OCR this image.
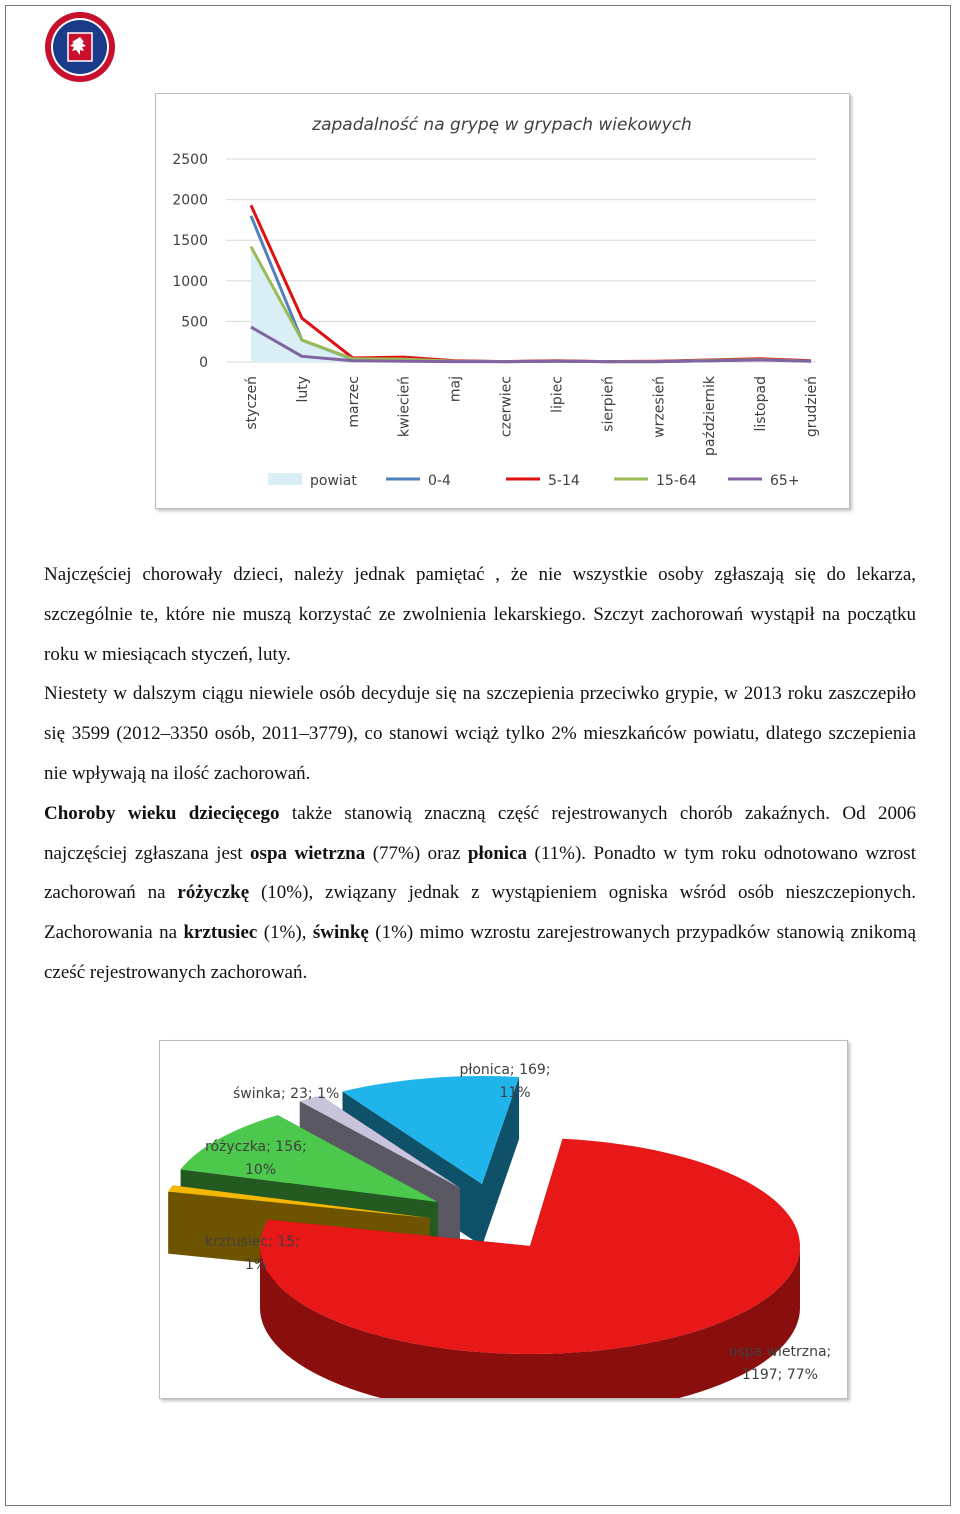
zapadalność na grypę w grypach wiekowych
0
500
1000
1500
2000
2500
styczeń luty marzec kwiecień maj czerwiec lipiec sierpień wrzesień październik listopad grudzień
powiat	0-4	5-14	15-64	65+

Najczęściej chorowały dzieci, należy jednak pamiętać , że nie wszystkie osoby zgłaszają się do lekarza, szczególnie te, które nie muszą korzystać ze zwolnienia lekarskiego. Szczyt zachorowań wystąpił na początku roku w miesiącach styczeń, luty.

Niestety w dalszym ciągu niewiele osób decyduje się na szczepienia przeciwko grypie, w 2013 roku zaszczepiło się 3599 (2012–3350 osób, 2011–3779), co stanowi wciąż tylko 2% mieszkańców powiatu, dlatego szczepienia nie wpływają na ilość zachorowań.

Choroby wieku dziecięcego także stanowią znaczną część rejestrowanych chorób zakaźnych. Od 2006 najczęściej zgłaszana jest ospa wietrzna (77%) oraz płonica (11%). Ponadto w tym roku odnotowano wzrost zachorowań na różyczkę (10%), związany jednak z wystąpieniem ogniska wśród osób nieszczepionych. Zachorowania na krztusiec (1%), świnkę (1%) mimo wzrostu zarejestrowanych przypadków stanowią znikomą cześć rejestrowanych zachorowań.

ospa wietrzna;
1197; 77%
krztusiec; 15;
1%
różyczka; 156;
10%
świnka; 23; 1%
płonica; 169;
11%
